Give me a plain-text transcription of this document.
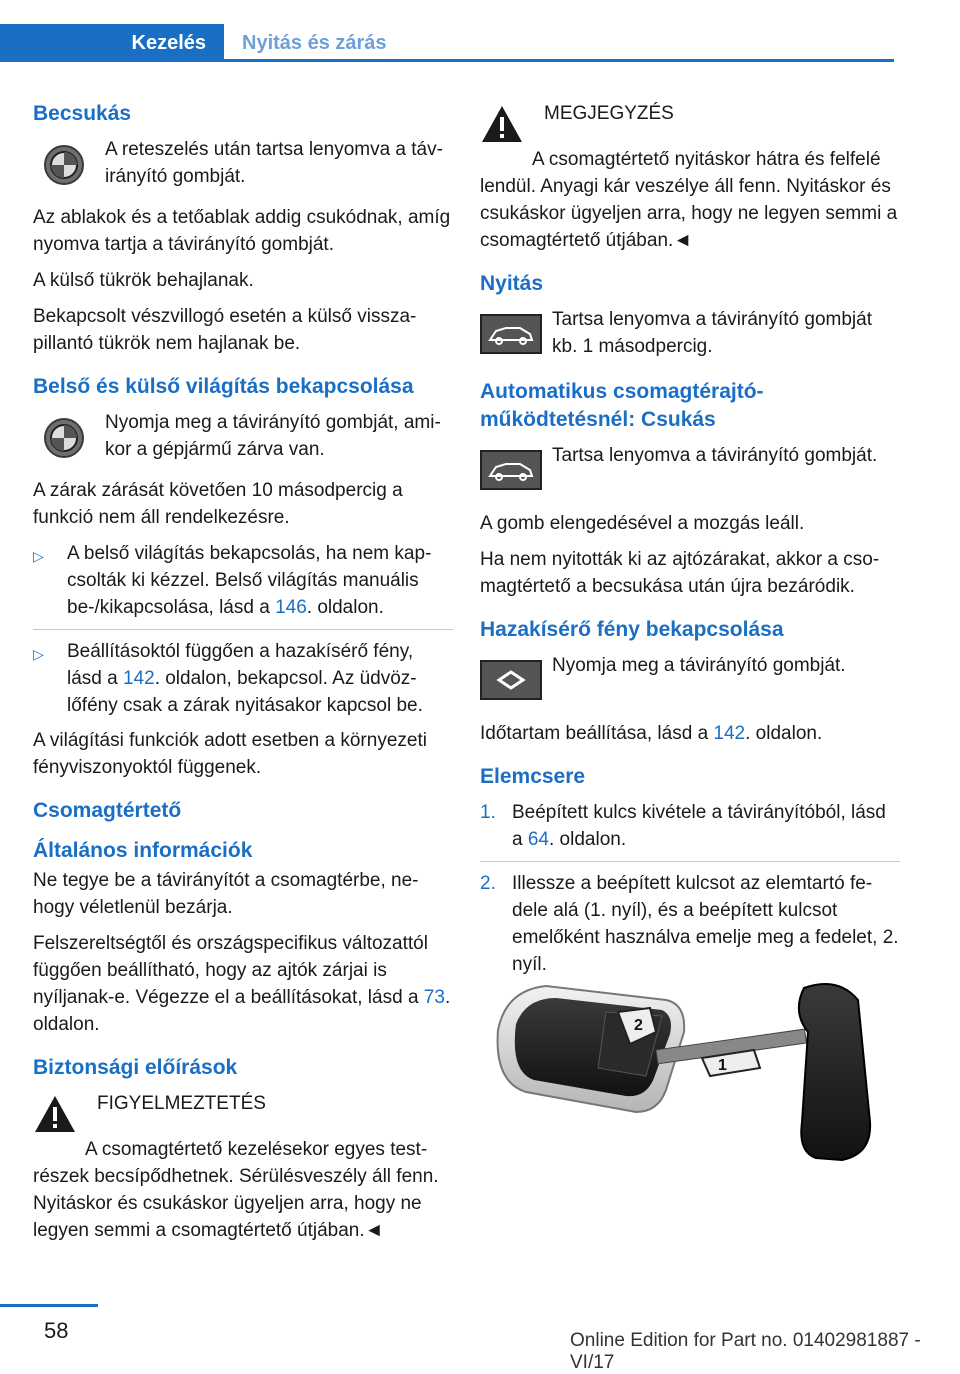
Kezelés	Nyitás és zárás
Becsukás
A reteszelés után tartsa lenyomva a távirányító gombját.
Az ablakok és a tetőablak addig csukódnak, amíg nyomva tartja a távirányító gombját.
A külső tükrök behajlanak.
Bekapcsolt vészvillogó esetén a külső visszapillantó tükrök nem hajlanak be.
Belső és külső világítás bekapcsolása
Nyomja meg a távirányító gombját, amikor a gépjármű zárva van.
A zárak zárását követően 10 másodpercig a funkció nem áll rendelkezésre.
▷	A belső világítás bekapcsolás, ha nem kapcsolták ki kézzel. Belső világítás manuális be-/kikapcsolása, lásd a 146. oldalon.
▷	Beállításoktól függően a hazakísérő fény, lásd a 142. oldalon, bekapcsol. Az üdvözlőfény csak a zárak nyitásakor kapcsol be.
A világítási funkciók adott esetben a környezeti fényviszonyoktól függenek.
Csomagtértető
Általános információk
Ne tegye be a távirányítót a csomagtérbe, nehogy véletlenül bezárja.
Felszereltségtől és országspecifikus változattól függően beállítható, hogy az ajtók zárjai is nyíljanak-e. Végezze el a beállításokat, lásd a 73. oldalon.
Biztonsági előírások
FIGYELMEZTETÉS
A csomagtértető kezelésekor egyes testrészek becsípődhetnek. Sérülésveszély áll fenn. Nyitáskor és csukáskor ügyeljen arra, hogy ne legyen semmi a csomagtértető útjában.◄
MEGJEGYZÉS
A csomagtértető nyitáskor hátra és felfelé lendül. Anyagi kár veszélye áll fenn. Nyitáskor és csukáskor ügyeljen arra, hogy ne legyen semmi a csomagtértető útjában.◄
Nyitás
Tartsa lenyomva a távirányító gombját kb. 1 másodpercig.
Automatikus csomagtérajtó-működtetésnél: Csukás
Tartsa lenyomva a távirányító gombját.
A gomb elengedésével a mozgás leáll.
Ha nem nyitották ki az ajtózárakat, akkor a csomagtértető a becsukása után újra bezáródik.
Hazakísérő fény bekapcsolása
Nyomja meg a távirányító gombját.
Időtartam beállítása, lásd a 142. oldalon.
Elemcsere
1. Beépített kulcs kivétele a távirányítóból, lásd a 64. oldalon.
2. Illessze a beépített kulcsot az elemtartó fedele alá (1. nyíl), és a beépített kulcsot emelőként használva emelje meg a fedelet, 2. nyíl.
2
1
58	Online Edition for Part no. 01402981887 - VI/17
